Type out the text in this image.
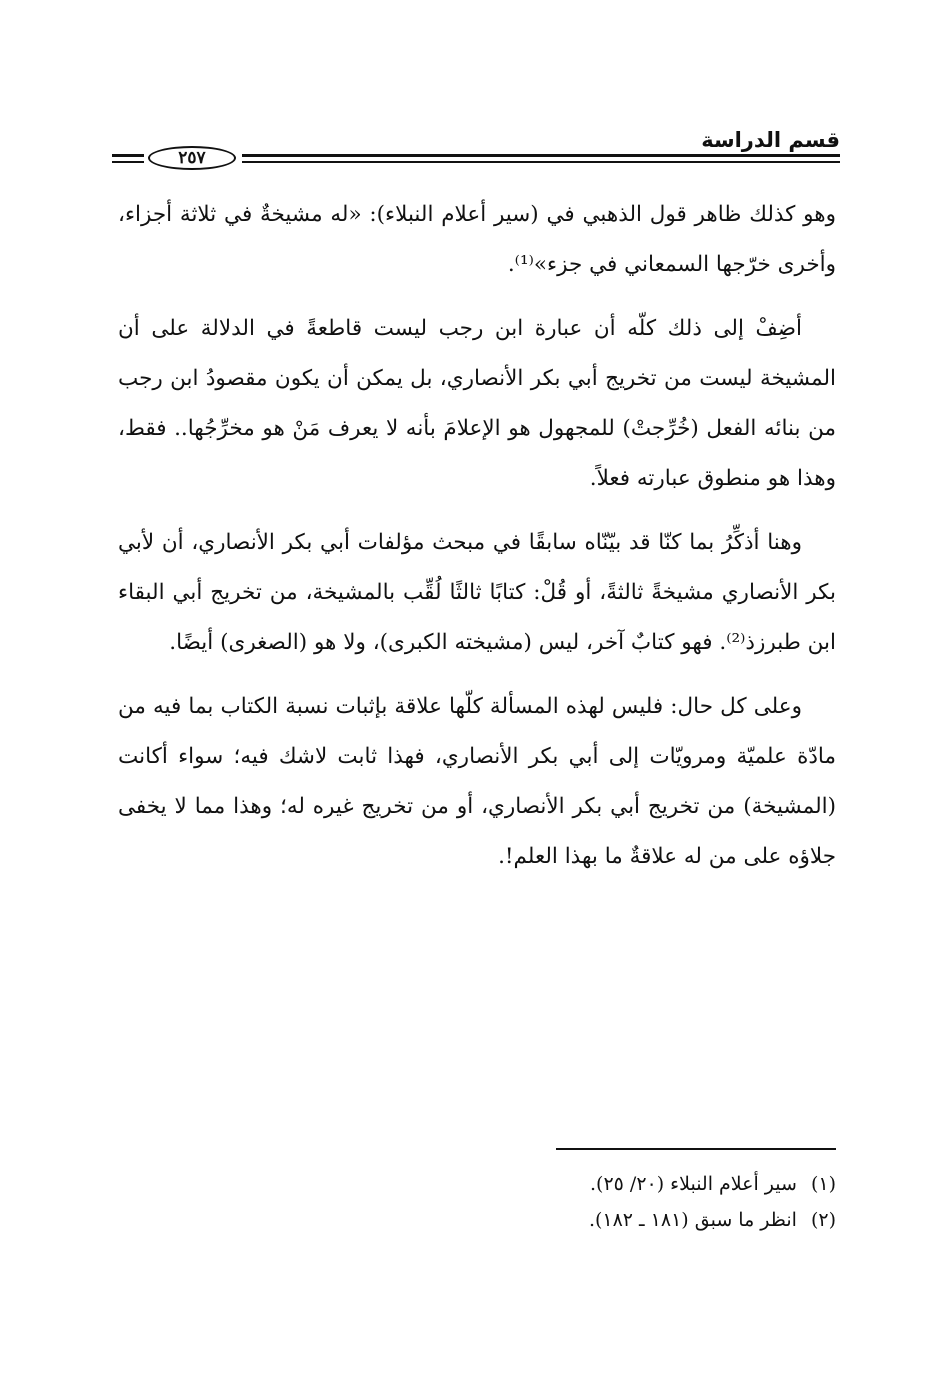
قسم الدراسة
٢٥٧

وهو كذلك ظاهر قول الذهبي في (سير أعلام النبلاء): «له مشيخةٌ في ثلاثة أجزاء، وأخرى خرّجها السمعاني في جزء»⁽¹⁾.

أضِفْ إلى ذلك كلّه أن عبارة ابن رجب ليست قاطعةً في الدلالة على أن المشيخة ليست من تخريج أبي بكر الأنصاري، بل يمكن أن يكون مقصودُ ابن رجب من بنائه الفعل (خُرِّجتْ) للمجهول هو الإعلامَ بأنه لا يعرف مَنْ هو مخرِّجُها.. فقط، وهذا هو منطوق عبارته فعلاً.

وهنا أذكِّرُ بما كنّا قد بيّنّاه سابقًا في مبحث مؤلفات أبي بكر الأنصاري، أن لأبي بكر الأنصاري مشيخةً ثالثةً، أو قُلْ: كتابًا ثالثًا لُقِّب بالمشيخة، من تخريج أبي البقاء ابن طبرزذ⁽²⁾. فهو كتابٌ آخر، ليس (مشيخته الكبرى)، ولا هو (الصغرى) أيضًا.

وعلى كل حال: فليس لهذه المسألة كلّها علاقة بإثبات نسبة الكتاب بما فيه من مادّة علميّة ومرويّات إلى أبي بكر الأنصاري، فهذا ثابت لاشك فيه؛ سواء أكانت (المشيخة) من تخريج أبي بكر الأنصاري، أو من تخريج غيره له؛ وهذا مما لا يخفى جلاؤه على من له علاقةٌ ما بهذا العلم!.

(١)سير أعلام النبلاء (٢٠/ ٢٥).
(٢)انظر ما سبق (١٨١ ـ ١٨٢).
